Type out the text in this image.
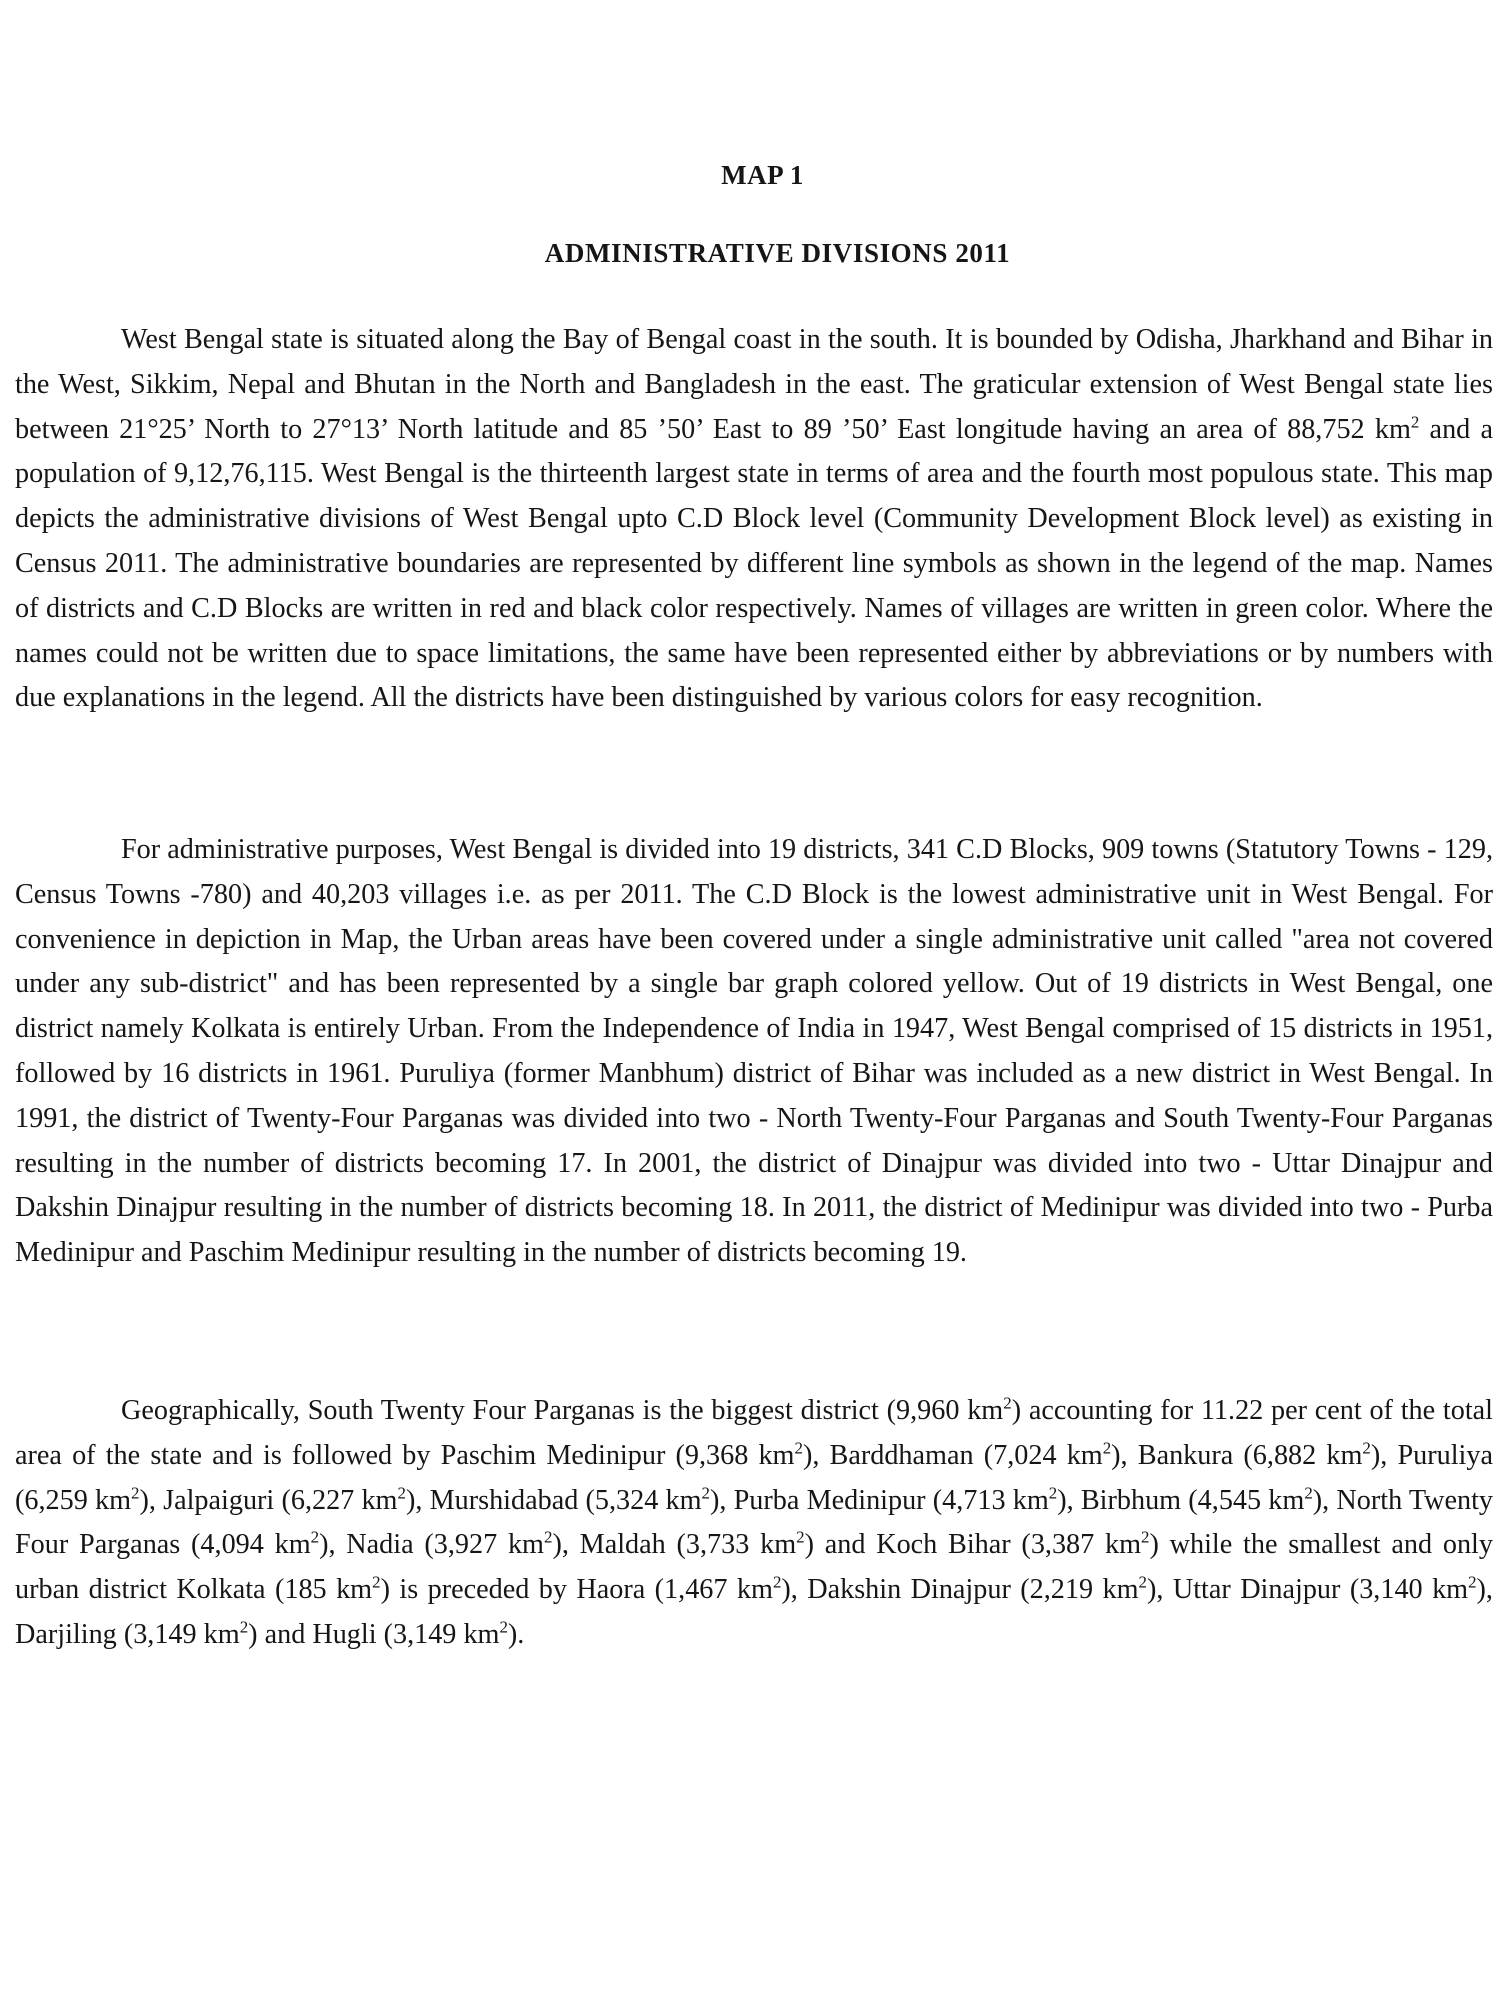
MAP 1
ADMINISTRATIVE DIVISIONS 2011

West Bengal state is situated along the Bay of Bengal coast in the south. It is bounded by Odisha, Jharkhand and Bihar in the West, Sikkim, Nepal and Bhutan in the North and Bangladesh in the east. The graticular extension of West Bengal state lies between 21°25’ North to 27°13’ North latitude and 85 ’50’ East to 89 ’50’ East longitude having an area of 88,752 $km^2$ and a population of 9,12,76,115. West Bengal is the thirteenth largest state in terms of area and the fourth most populous state. This map depicts the administrative divisions of West Bengal upto C.D Block level (Community Development Block level) as existing in Census 2011. The administrative boundaries are represented by different line symbols as shown in the legend of the map. Names of districts and C.D Blocks are written in red and black color respectively. Names of villages are written in green color. Where the names could not be written due to space limitations, the same have been represented either by abbreviations or by numbers with due explanations in the legend. All the districts have been distinguished by various colors for easy recognition.

For administrative purposes, West Bengal is divided into 19 districts, 341 C.D Blocks, 909 towns (Statutory Towns - 129, Census Towns -780) and 40,203 villages i.e. as per 2011. The C.D Block is the lowest administrative unit in West Bengal. For convenience in depiction in Map, the Urban areas have been covered under a single administrative unit called "area not covered under any sub-district" and has been represented by a single bar graph colored yellow. Out of 19 districts in West Bengal, one district namely Kolkata is entirely Urban. From the Independence of India in 1947, West Bengal comprised of 15 districts in 1951, followed by 16 districts in 1961. Puruliya (former Manbhum) district of Bihar was included as a new district in West Bengal. In 1991, the district of Twenty-Four Parganas was divided into two - North Twenty-Four Parganas and South Twenty-Four Parganas resulting in the number of districts becoming 17. In 2001, the district of Dinajpur was divided into two - Uttar Dinajpur and Dakshin Dinajpur resulting in the number of districts becoming 18. In 2011, the district of Medinipur was divided into two - Purba Medinipur and Paschim Medinipur resulting in the number of districts becoming 19.

Geographically, South Twenty Four Parganas is the biggest district (9,960 $km^2$) accounting for 11.22 per cent of the total area of the state and is followed by Paschim Medinipur (9,368 $km^2$), Barddhaman (7,024 $km^2$), Bankura (6,882 $km^2$), Puruliya (6,259 $km^2$), Jalpaiguri (6,227 $km^2$), Murshidabad (5,324 $km^2$), Purba Medinipur (4,713 $km^2$), Birbhum (4,545 $km^2$), North Twenty Four Parganas (4,094 $km^2$), Nadia (3,927 $km^2$), Maldah (3,733 $km^2$) and Koch Bihar (3,387 $km^2$) while the smallest and only urban district Kolkata (185 $km^2$) is preceded by Haora (1,467 $km^2$), Dakshin Dinajpur (2,219 $km^2$), Uttar Dinajpur (3,140 $km^2$), Darjiling (3,149 $km^2$) and Hugli (3,149 $km^2$).
